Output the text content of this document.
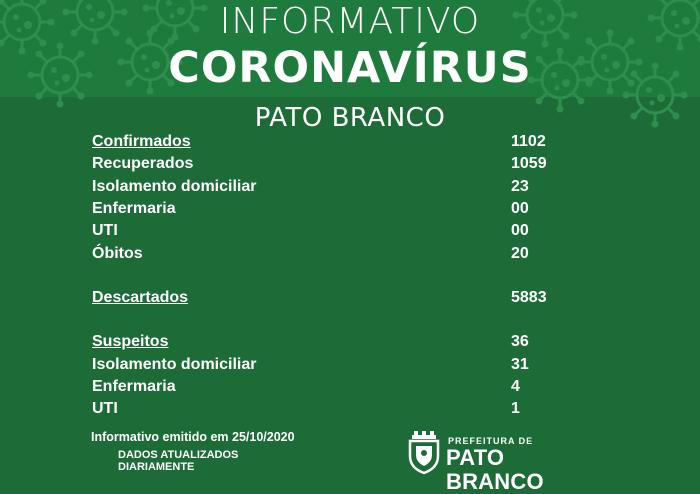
INFORMATIVO
CORONAVÍRUS
PATO BRANCO
Confirmados	1102
Recuperados	1059
Isolamento domiciliar	23
Enfermaria	00
UTI	00
Óbitos	20
Descartados	5883
Suspeitos	36
Isolamento domiciliar	31
Enfermaria	4
UTI	1
Informativo emitido em 25/10/2020
DADOS ATUALIZADOS
DIARIAMENTE
PREFEITURA DE
PATO BRANCO
